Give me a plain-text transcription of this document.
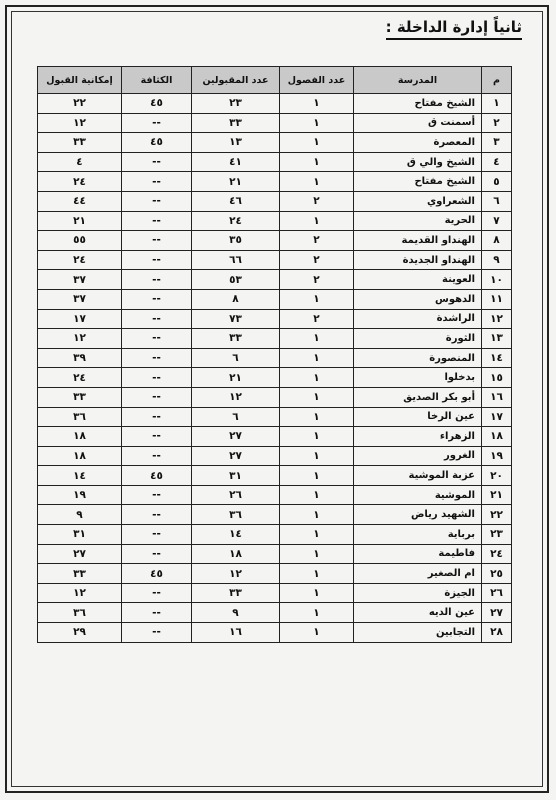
ثانياً إدارة الداخلة :
م	المدرسة	عدد الفصول	عدد المقبولين	الكثافة	إمكانية القبول
١	الشيخ مفتاح	١	٢٣	٤٥	٢٢
٢	أسمنت ق	١	٣٣	--	١٢
٣	المعصرة	١	١٣	٤٥	٣٣
٤	الشيخ والي ق	١	٤١	--	٤
٥	الشيخ مفتاح	١	٢١	--	٢٤
٦	الشعراوي	٢	٤٦	--	٤٤
٧	الحرية	١	٢٤	--	٢١
٨	الهنداو القديمة	٢	٣٥	--	٥٥
٩	الهنداو الجديدة	٢	٦٦	--	٢٤
١٠	العوينة	٢	٥٣	--	٣٧
١١	الدهوس	١	٨	--	٣٧
١٢	الراشدة	٢	٧٣	--	١٧
١٣	الثورة	١	٣٣	--	١٢
١٤	المنصورة	١	٦	--	٣٩
١٥	بدخلوا	١	٢١	--	٢٤
١٦	أبو بكر الصديق	١	١٢	--	٣٣
١٧	عين الرخا	١	٦	--	٣٦
١٨	الزهراء	١	٢٧	--	١٨
١٩	الغرور	١	٢٧	--	١٨
٢٠	عزبة الموشية	١	٣١	٤٥	١٤
٢١	الموشية	١	٢٦	--	١٩
٢٢	الشهيد رياض	١	٣٦	--	٩
٢٣	برباية	١	١٤	--	٣١
٢٤	فاطيمة	١	١٨	--	٢٧
٢٥	ام الصغير	١	١٢	٤٥	٣٣
٢٦	الجيزة	١	٣٣	--	١٢
٢٧	عين الديه	١	٩	--	٣٦
٢٨	التجابين	١	١٦	--	٢٩
